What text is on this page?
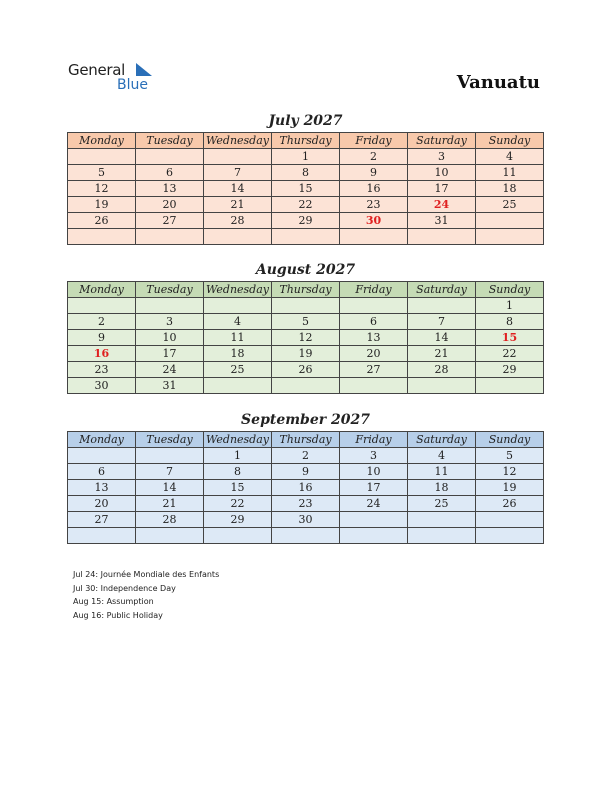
General
Blue	Vanuatu
July 2027
Monday	Tuesday	Wednesday	Thursday	Friday	Saturday	Sunday
			1	2	3	4
5	6	7	8	9	10	11
12	13	14	15	16	17	18
19	20	21	22	23	24	25
26	27	28	29	30	31	

August 2027
Monday	Tuesday	Wednesday	Thursday	Friday	Saturday	Sunday
						1
2	3	4	5	6	7	8
9	10	11	12	13	14	15
16	17	18	19	20	21	22
23	24	25	26	27	28	29
30	31					
September 2027
Monday	Tuesday	Wednesday	Thursday	Friday	Saturday	Sunday
		1	2	3	4	5
6	7	8	9	10	11	12
13	14	15	16	17	18	19
20	21	22	23	24	25	26
27	28	29	30			

Jul 24: Journée Mondiale des Enfants
Jul 30: Independence Day
Aug 15: Assumption
Aug 16: Public Holiday
